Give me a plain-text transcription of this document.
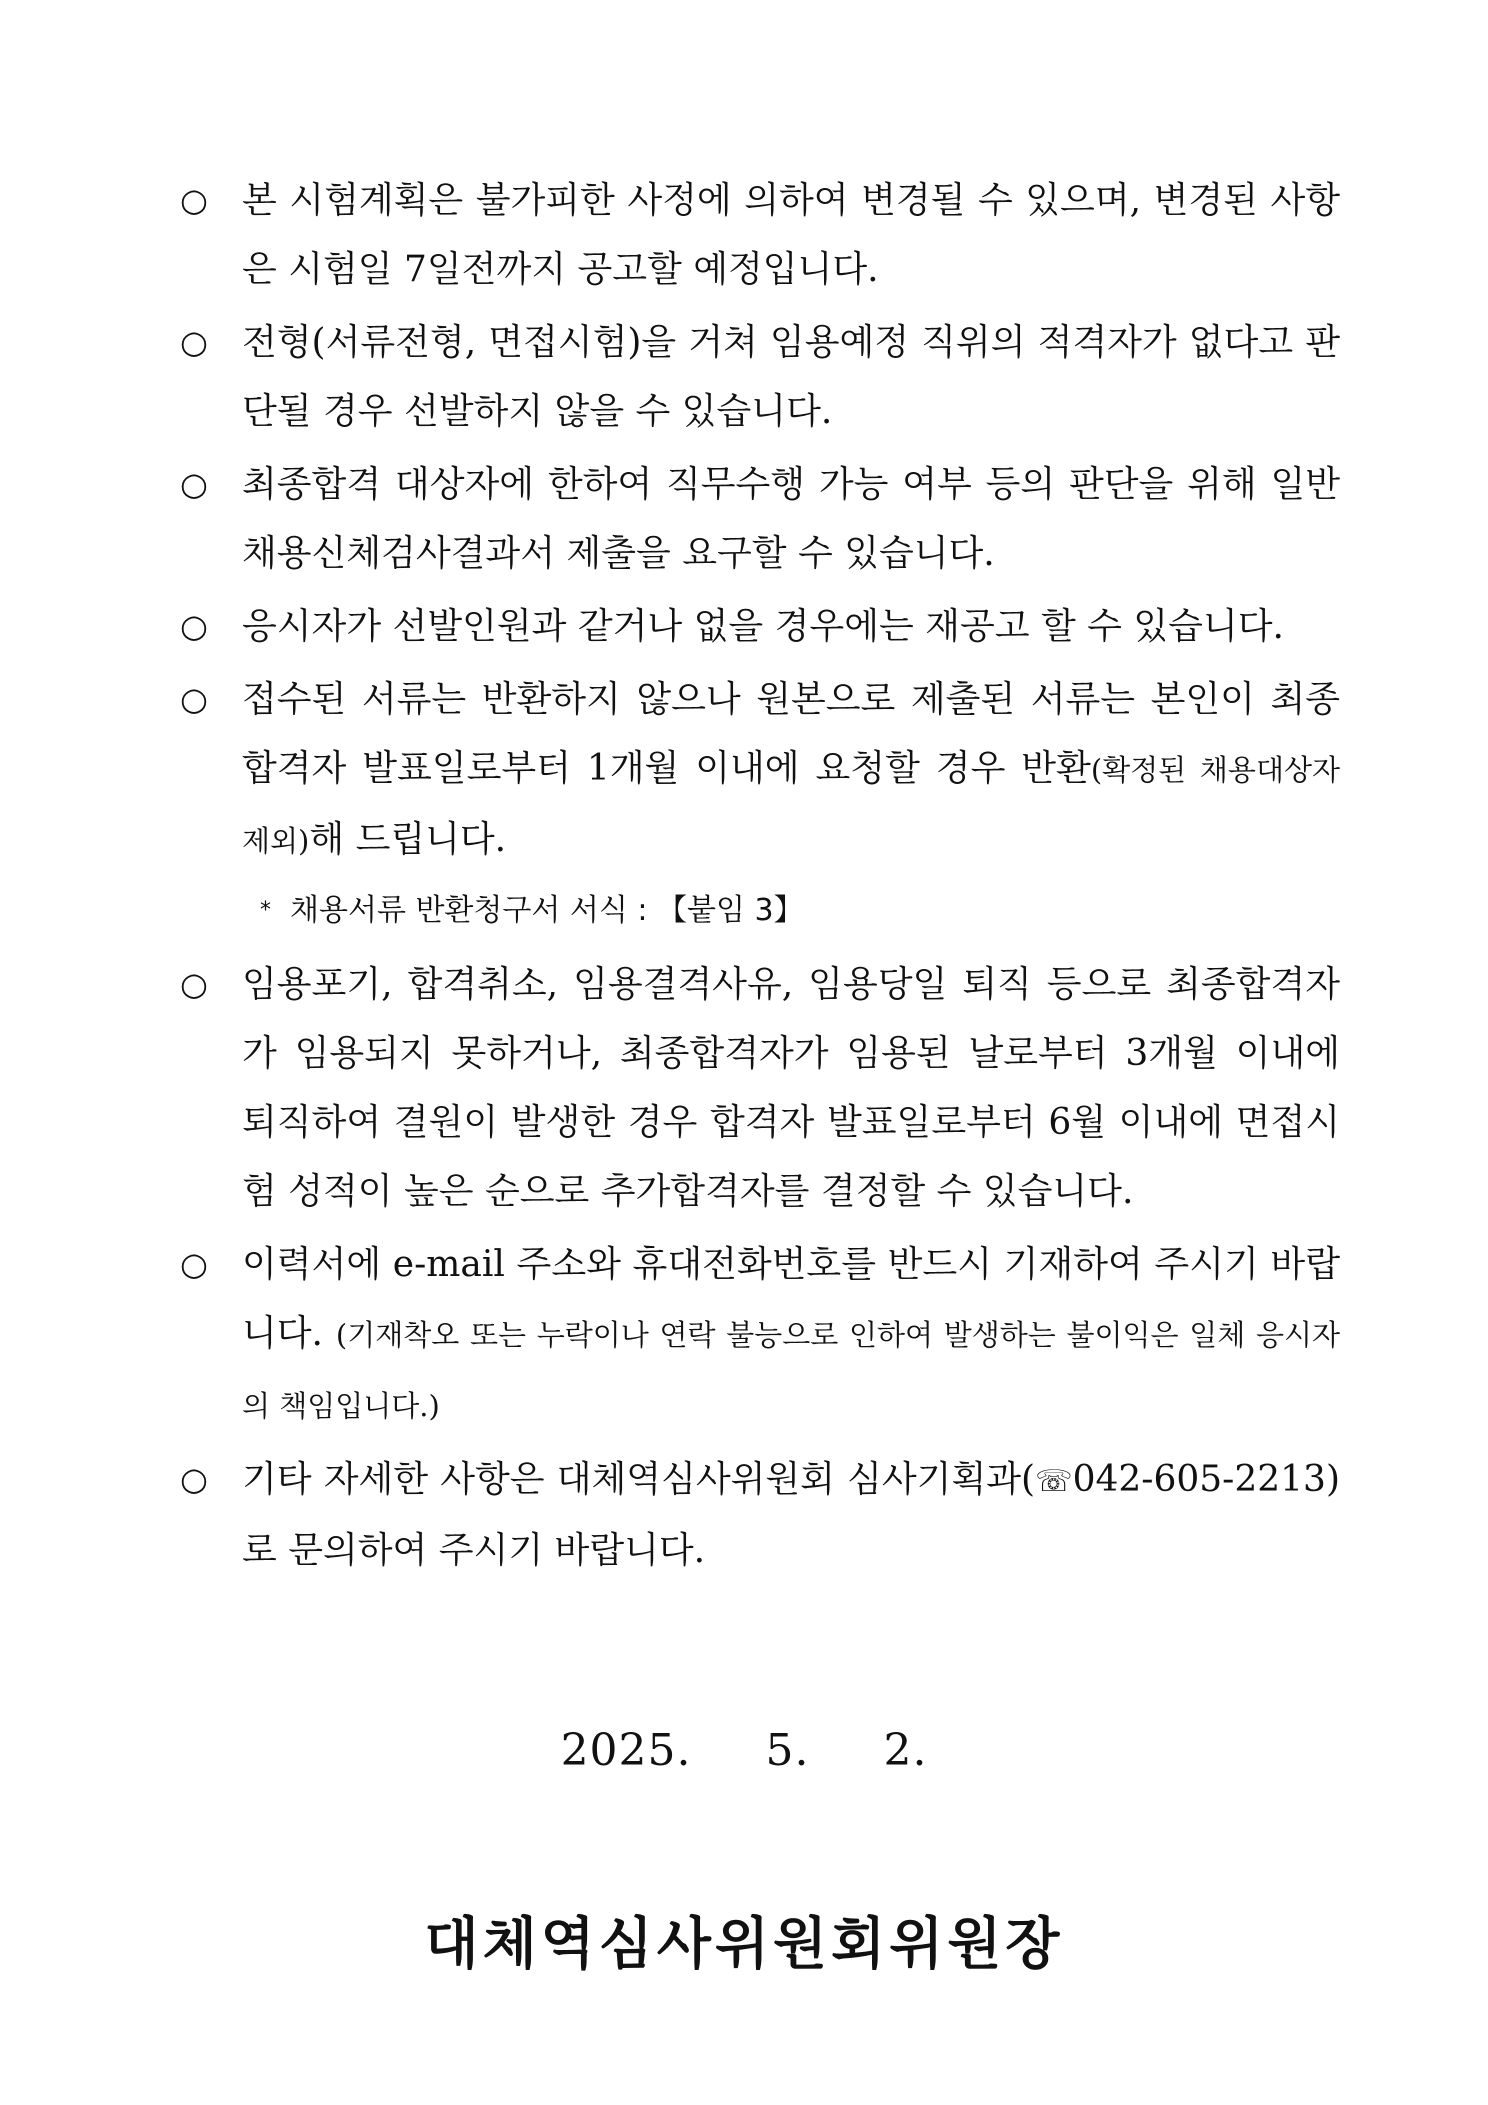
○ 본 시험계획은 불가피한 사정에 의하여 변경될 수 있으며, 변경된 사항은 시험일 7일전까지 공고할 예정입니다.
○ 전형(서류전형, 면접시험)을 거쳐 임용예정 직위의 적격자가 없다고 판단될 경우 선발하지 않을 수 있습니다.
○ 최종합격 대상자에 한하여 직무수행 가능 여부 등의 판단을 위해 일반 채용신체검사결과서 제출을 요구할 수 있습니다.
○ 응시자가 선발인원과 같거나 없을 경우에는 재공고 할 수 있습니다.
○ 접수된 서류는 반환하지 않으나 원본으로 제출된 서류는 본인이 최종합격자 발표일로부터 1개월 이내에 요청할 경우 반환(확정된 채용대상자 제외)해 드립니다.
* 채용서류 반환청구서 서식 : 【붙임 3】
○ 임용포기, 합격취소, 임용결격사유, 임용당일 퇴직 등으로 최종합격자가 임용되지 못하거나, 최종합격자가 임용된 날로부터 3개월 이내에 퇴직하여 결원이 발생한 경우 합격자 발표일로부터 6월 이내에 면접시험 성적이 높은 순으로 추가합격자를 결정할 수 있습니다.
○ 이력서에 e-mail 주소와 휴대전화번호를 반드시 기재하여 주시기 바랍니다. (기재착오 또는 누락이나 연락 불능으로 인하여 발생하는 불이익은 일체 응시자의 책임입니다.)
○ 기타 자세한 사항은 대체역심사위원회 심사기획과(☏042-605-2213)로 문의하여 주시기 바랍니다.
2025.  5.  2.
대체역심사위원회위원장
